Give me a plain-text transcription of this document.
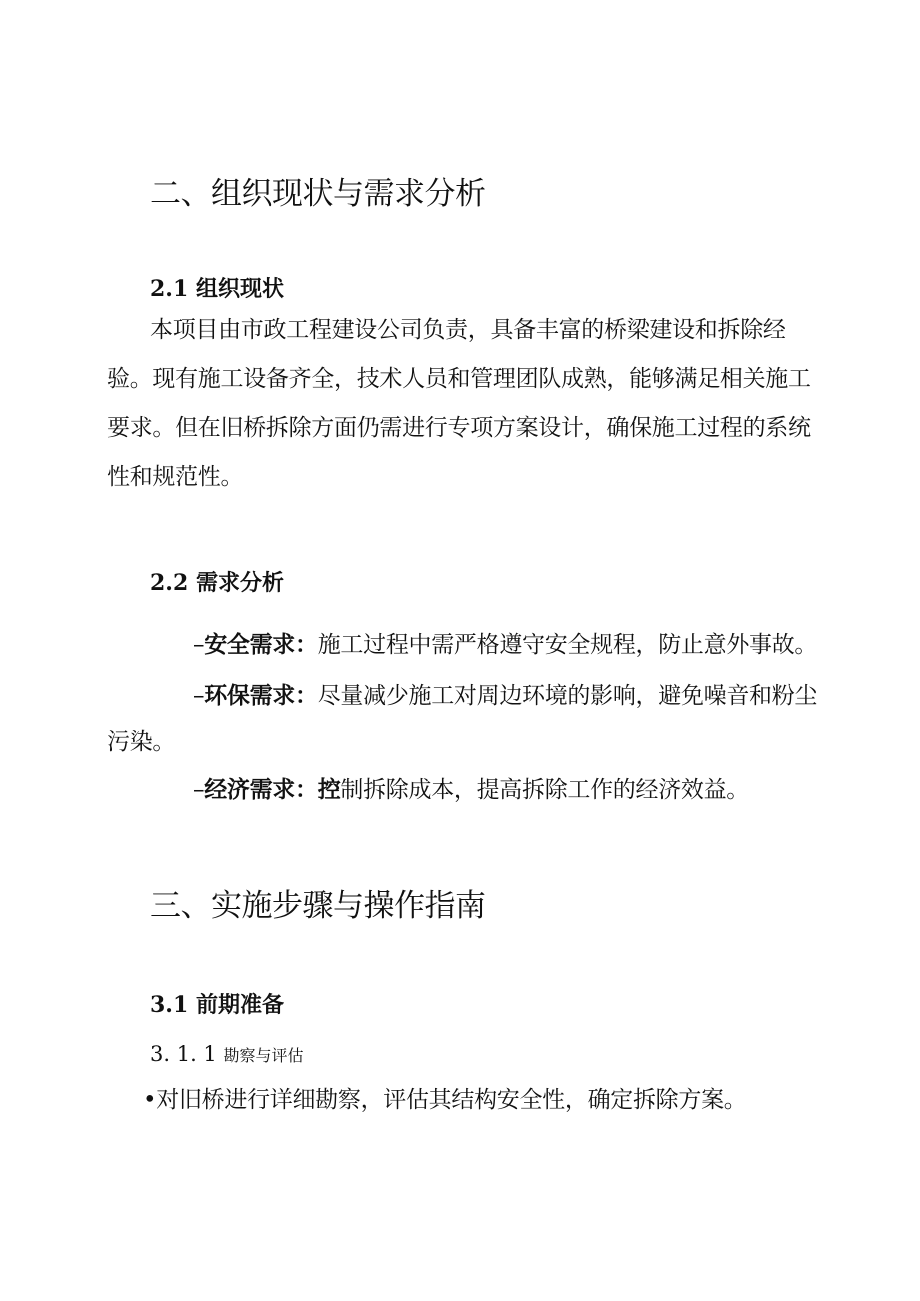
二、组织现状与需求分析
2.1 组织现状

本项目由市政工程建设公司负责，具备丰富的桥梁建设和拆除经验。现有施工设备齐全，技术人员和管理团队成熟，能够满足相关施工要求。但在旧桥拆除方面仍需进行专项方案设计，确保施工过程的系统性和规范性。

2.2 需求分析

–安全需求：施工过程中需严格遵守安全规程，防止意外事故。

–环保需求：尽量减少施工对周边环境的影响，避免噪音和粉尘污染。

–经济需求：控制拆除成本，提高拆除工作的经济效益。

三、实施步骤与操作指南
3.1 前期准备
3. 1. 1 勘察与评估

•对旧桥进行详细勘察，评估其结构安全性，确定拆除方案。
